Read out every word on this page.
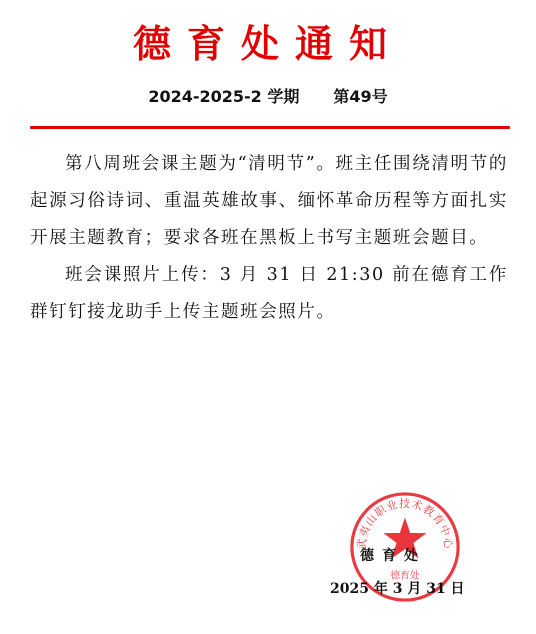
德育处通知
2024-2025-2 学期 第49号

第八周班会课主题为“清明节”。班主任围绕清明节的起源习俗诗词、重温英雄故事、缅怀革命历程等方面扎实开展主题教育；要求各班在黑板上书写主题班会题目。

班会课照片上传：3 月 31 日 21:30 前在德育工作群钉钉接龙助手上传主题班会照片。

武夷山职业技术教育中心
德育处
德育处
2025 年 3 月 31 日
